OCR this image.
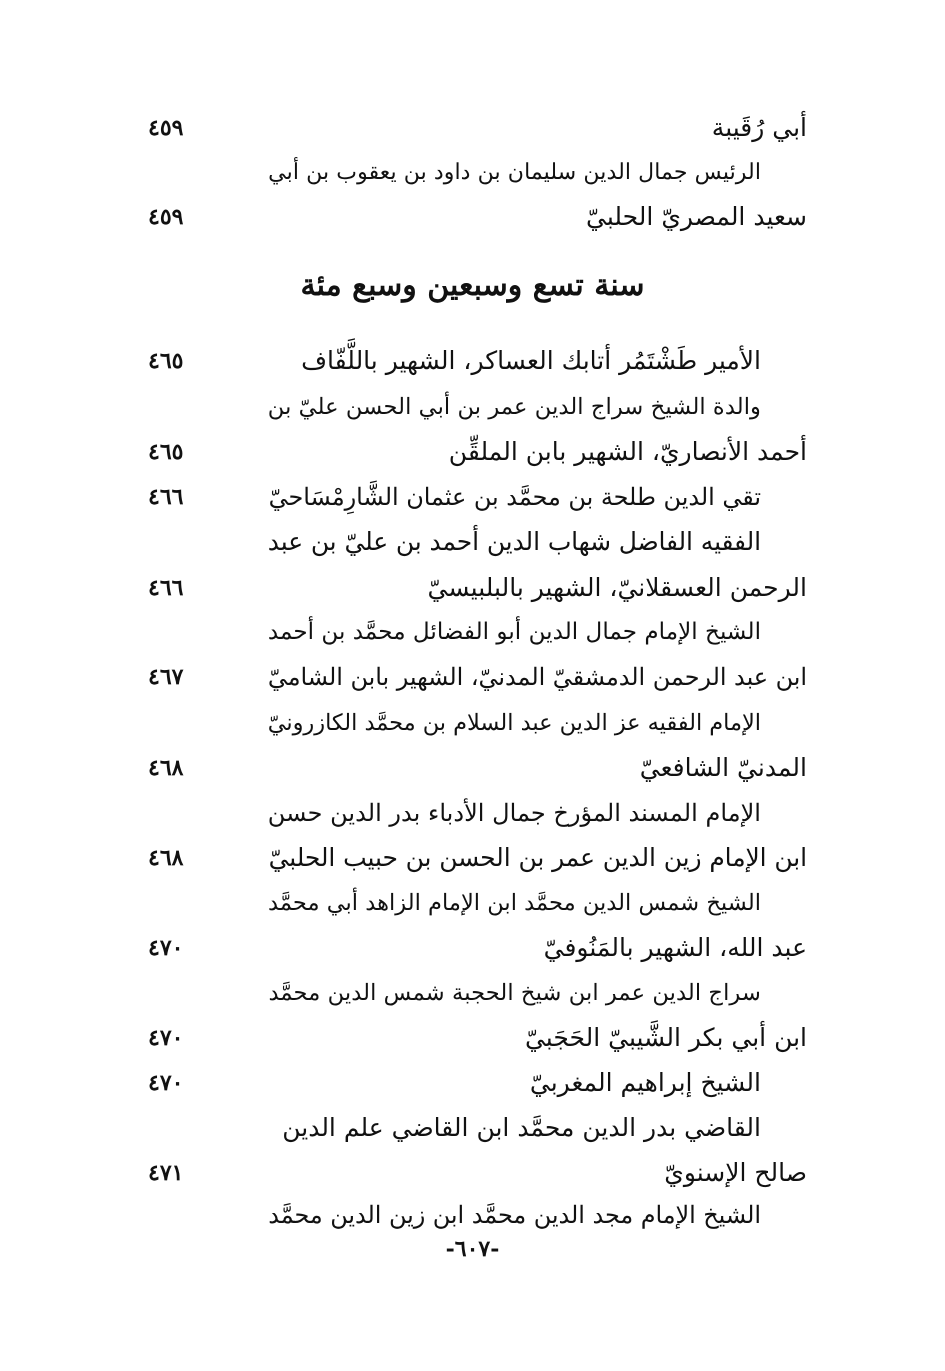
أبي رُقَيبة
٤٥٩
الرئيس جمال الدين سليمان بن داود بن يعقوب بن أبي
سعيد المصريّ الحلبيّ
٤٥٩
سنة تسع وسبعين وسبع مئة
الأمير طَشْتَمُر أتابك العساكر، الشهير باللَّفّاف
٤٦٥
والدة الشيخ سراج الدين عمر بن أبي الحسن عليّ بن
أحمد الأنصاريّ، الشهير بابن الملقِّن
٤٦٥
تقي الدين طلحة بن محمَّد بن عثمان الشَّارِمْسَاحيّ
٤٦٦
الفقيه الفاضل شهاب الدين أحمد بن عليّ بن عبد
الرحمن العسقلانيّ، الشهير بالبلبيسيّ
٤٦٦
الشيخ الإمام جمال الدين أبو الفضائل محمَّد بن أحمد
ابن عبد الرحمن الدمشقيّ المدنيّ، الشهير بابن الشاميّ
٤٦٧
الإمام الفقيه عز الدين عبد السلام بن محمَّد الكازرونيّ
المدنيّ الشافعيّ
٤٦٨
الإمام المسند المؤرخ جمال الأدباء بدر الدين حسن
ابن الإمام زين الدين عمر بن الحسن بن حبيب الحلبيّ
٤٦٨
الشيخ شمس الدين محمَّد ابن الإمام الزاهد أبي محمَّد
عبد الله، الشهير بالمَنُوفيّ
٤٧٠
سراج الدين عمر ابن شيخ الحجبة شمس الدين محمَّد
ابن أبي بكر الشَّيبيّ الحَجَبيّ
٤٧٠
الشيخ إبراهيم المغربيّ
٤٧٠
القاضي بدر الدين محمَّد ابن القاضي علم الدين
صالح الإسنويّ
٤٧١
الشيخ الإمام مجد الدين محمَّد ابن زين الدين محمَّد
-٦٠٧-
